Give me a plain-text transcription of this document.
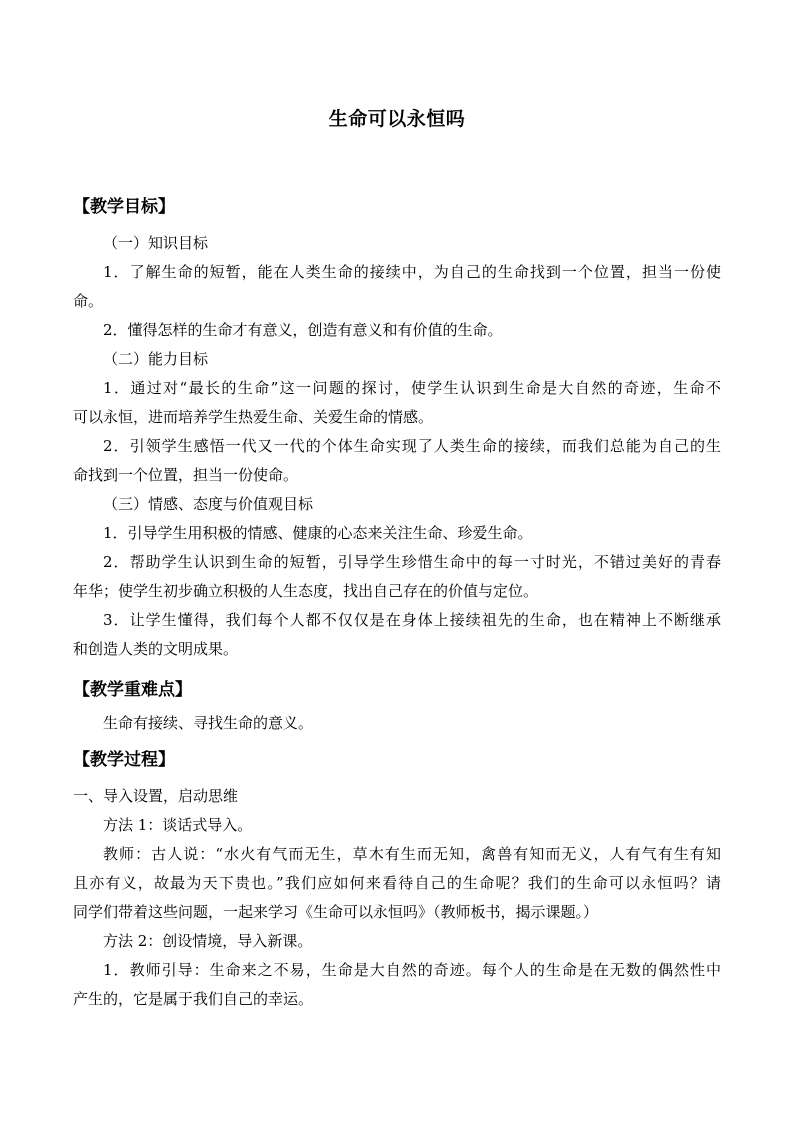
生命可以永恒吗
【教学目标】
（一）知识目标
1．了解生命的短暂，能在人类生命的接续中，为自己的生命找到一个位置，担当一份使
命。
2．懂得怎样的生命才有意义，创造有意义和有价值的生命。
（二）能力目标
1．通过对“最长的生命”这一问题的探讨，使学生认识到生命是大自然的奇迹，生命不
可以永恒，进而培养学生热爱生命、关爱生命的情感。
2．引领学生感悟一代又一代的个体生命实现了人类生命的接续，而我们总能为自己的生
命找到一个位置，担当一份使命。
（三）情感、态度与价值观目标
1．引导学生用积极的情感、健康的心态来关注生命、珍爱生命。
2．帮助学生认识到生命的短暂，引导学生珍惜生命中的每一寸时光，不错过美好的青春
年华；使学生初步确立积极的人生态度，找出自己存在的价值与定位。
3．让学生懂得，我们每个人都不仅仅是在身体上接续祖先的生命，也在精神上不断继承
和创造人类的文明成果。
【教学重难点】
生命有接续、寻找生命的意义。
【教学过程】
一、导入设置，启动思维
方法 1：谈话式导入。
教师：古人说：“水火有气而无生，草木有生而无知，禽兽有知而无义，人有气有生有知
且亦有义，故最为天下贵也。”我们应如何来看待自己的生命呢？我们的生命可以永恒吗？请
同学们带着这些问题，一起来学习《生命可以永恒吗》（教师板书，揭示课题。）
方法 2：创设情境，导入新课。
1．教师引导：生命来之不易，生命是大自然的奇迹。每个人的生命是在无数的偶然性中
产生的，它是属于我们自己的幸运。
